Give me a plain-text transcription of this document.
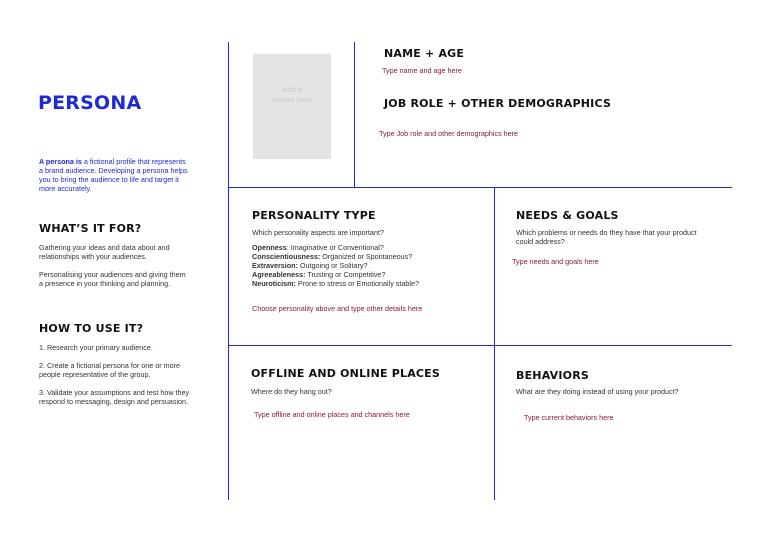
PERSONA
A persona is a fictional profile that represents a brand audience. Developing a persona helps you to bring the audience to life and target it more accurately.
WHAT’S IT FOR?
Gathering your ideas and data about and relationships with your audiences.
Personalising your audiences and giving them a presence in your thinking and planning.
HOW TO USE IT?
1. Research your primary audience.
2. Create a fictional persona for one or more people representative of the group.
3. Validate your assumptions and test how they respond to messaging, design and persuasion.
Add a picture here
NAME + AGE
Type name and age here
JOB ROLE + OTHER DEMOGRAPHICS
Type Job role and other demographics here
PERSONALITY TYPE
Which personality aspects are important?
Openness: Imaginative or Conventional?
Conscientiousness: Organized or Spontaneous?
Extraversion: Outgoing or Solitary?
Agreeableness: Trusting or Competitive?
Neuroticism: Prone to stress or Emotionally stable?
Choose personality above and type other details here
NEEDS & GOALS
Which problems or needs do they have that your product could address?
Type needs and goals here
OFFLINE AND ONLINE PLACES
Where do they hang out?
Type offline and online places and channels here
BEHAVIORS
What are they doing instead of using your product?
Type current behaviors here
